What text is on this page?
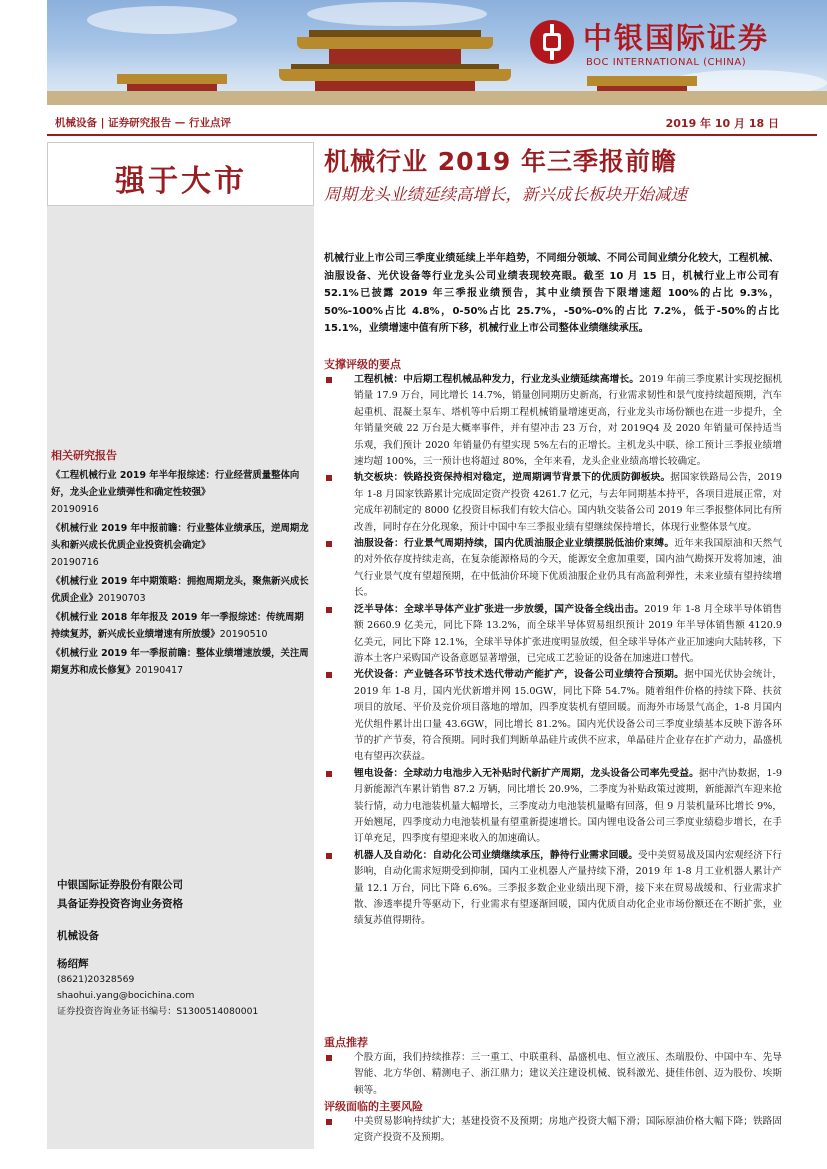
中银国际证券
BOC INTERNATIONAL (CHINA)
机械设备 | 证券研究报告 — 行业点评	2019 年 10 月 18 日
强于大市
相关研究报告
《工程机械行业 2019 年半年报综述：行业经营质量整体向好，龙头企业业绩弹性和确定性较强》
20190916
《机械行业 2019 年中报前瞻：行业整体业绩承压，逆周期龙头和新兴成长优质企业投资机会确定》
20190716
《机械行业 2019 年中期策略：拥抱周期龙头，聚焦新兴成长优质企业》20190703
《机械行业 2018 年年报及 2019 年一季报综述：传统周期持续复苏，新兴成长业绩增速有所放缓》20190510
《机械行业 2019 年一季报前瞻：整体业绩增速放缓，关注周期复苏和成长修复》20190417
中银国际证券股份有限公司
具备证券投资咨询业务资格
机械设备
杨绍辉
(8621)20328569
shaohui.yang@bocichina.com
证券投资咨询业务证书编号：S1300514080001
机械行业 2019 年三季报前瞻
周期龙头业绩延续高增长，新兴成长板块开始减速
机械行业上市公司三季度业绩延续上半年趋势，不同细分领域、不同公司间业绩分化较大，工程机械、油服设备、光伏设备等行业龙头公司业绩表现较亮眼。截至 10 月 15 日，机械行业上市公司有 52.1%已披露 2019 年三季报业绩预告，其中业绩预告下限增速超 100%的占比 9.3%，50%-100%占比 4.8%，0-50%占比 25.7%，-50%-0%的占比 7.2%，低于-50%的占比 15.1%，业绩增速中值有所下移，机械行业上市公司整体业绩继续承压。
支撑评级的要点
工程机械：中后期工程机械品种发力，行业龙头业绩延续高增长。2019 年前三季度累计实现挖掘机销量 17.9 万台，同比增长 14.7%，销量创同期历史新高，行业需求韧性和景气度持续超预期，汽车起重机、混凝土泵车、塔机等中后期工程机械销量增速更高，行业龙头市场份额也在进一步提升，全年销量突破 22 万台是大概率事件，并有望冲击 23 万台，对 2019Q4 及 2020 年销量可保持适当乐观，我们预计 2020 年销量仍有望实现 5%左右的正增长。主机龙头中联、徐工预计三季报业绩增速均超 100%，三一预计也将超过 80%，全年来看，龙头企业业绩高增长较确定。
轨交板块：铁路投资保持相对稳定，逆周期调节背景下的优质防御板块。据国家铁路局公告，2019 年 1-8 月国家铁路累计完成固定资产投资 4261.7 亿元，与去年同期基本持平，各项目进展正常，对完成年初制定的 8000 亿投资目标我们有较大信心。国内轨交装备公司 2019 年三季报整体同比有所改善，同时存在分化现象，预计中国中车三季报业绩有望继续保持增长，体现行业整体景气度。
油服设备：行业景气周期持续，国内优质油服企业业绩摆脱低油价束缚。近年来我国原油和天然气的对外依存度持续走高，在复杂能源格局的今天，能源安全愈加重要，国内油气勘探开发将加速，油气行业景气度有望超预期，在中低油价环境下优质油服企业仍具有高盈利弹性，未来业绩有望持续增长。
泛半导体：全球半导体产业扩张进一步放缓，国产设备全线出击。2019 年 1-8 月全球半导体销售额 2660.9 亿美元，同比下降 13.2%，而全球半导体贸易组织预计 2019 年半导体销售额 4120.9 亿美元，同比下降 12.1%，全球半导体扩张进度明显放缓，但全球半导体产业正加速向大陆转移，下游本土客户采购国产设备意愿显著增强，已完成工艺验证的设备在加速进口替代。
光伏设备：产业链各环节技术迭代带动产能扩产，设备公司业绩符合预期。据中国光伏协会统计，2019 年 1-8 月，国内光伏新增并网 15.0GW，同比下降 54.7%。随着组件价格的持续下降、扶贫项目的放尾、平价及竞价项目落地的增加，四季度装机有望回暖。而海外市场景气高企，1-8 月国内光伏组件累计出口量 43.6GW，同比增长 81.2%。国内光伏设备公司三季度业绩基本反映下游各环节的扩产节奏，符合预期。同时我们判断单晶硅片或供不应求，单晶硅片企业存在扩产动力，晶盛机电有望再次获益。
锂电设备：全球动力电池步入无补贴时代新扩产周期，龙头设备公司率先受益。据中汽协数据，1-9 月新能源汽车累计销售 87.2 万辆，同比增长 20.9%，二季度为补贴政策过渡期，新能源汽车迎来抢装行情，动力电池装机量大幅增长，三季度动力电池装机量略有回落，但 9 月装机量环比增长 9%，开始翘尾，四季度动力电池装机量有望重新提速增长。国内锂电设备公司三季度业绩稳步增长，在手订单充足，四季度有望迎来收入的加速确认。
机器人及自动化：自动化公司业绩继续承压，静待行业需求回暖。受中美贸易战及国内宏观经济下行影响，自动化需求短期受到抑制，国内工业机器人产量持续下滑，2019 年 1-8 月工业机器人累计产量 12.1 万台，同比下降 6.6%。三季报多数企业业绩出现下滑，接下来在贸易战缓和、行业需求扩散、渗透率提升等驱动下，行业需求有望逐渐回暖，国内优质自动化企业市场份额还在不断扩张，业绩复苏值得期待。
重点推荐
个股方面，我们持续推荐：三一重工、中联重科、晶盛机电、恒立液压、杰瑞股份、中国中车、先导智能、北方华创、精测电子、浙江鼎力；建议关注建设机械、锐科激光、捷佳伟创、迈为股份、埃斯顿等。
评级面临的主要风险
中美贸易影响持续扩大；基建投资不及预期；房地产投资大幅下滑；国际原油价格大幅下降；铁路固定资产投资不及预期。
